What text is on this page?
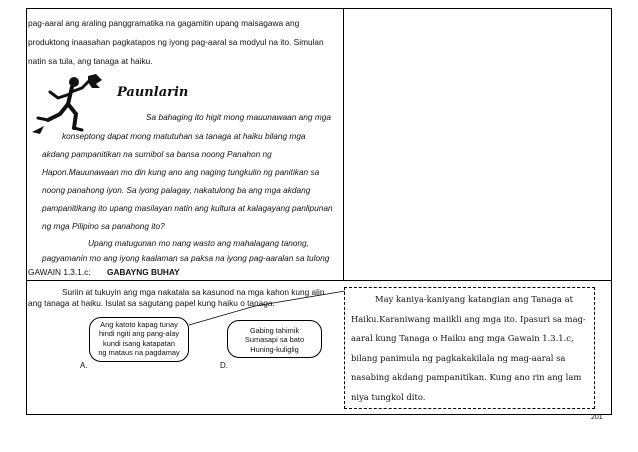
pag-aaral ang araling panggramatika na gagamitin upang maisagawa ang
produktong inaasahan pagkatapos ng iyong pag-aaral sa modyul na ito. Simulan
natin sa tula, ang tanaga at haiku.
Paunlarin
Sa bahaging ito higit mong mauunawaan ang mga
konseptong dapat mong matutuhan sa tanaga at haiku bilang mga
akdang pampanitikan na sumibol sa bansa noong Panahon ng
Hapon.Mauunawaan mo din kung ano ang naging tungkulin ng panitikan sa
noong panahong iyon. Sa iyong palagay, nakatulong ba ang mga akdang
pampanitikang ito upang masilayan natin ang kultura at kalagayang panlipunan
ng mga Pilipino sa panahong ito?
Upang matugunan mo nang wasto ang mahalagang tanong,
pagyamanin mo ang iyong kaalaman sa paksa na iyong pag-aaralan sa tulong
GAWAIN 1.3.1.c: GABAYNG BUHAY
Suriin at tukuyin ang mga nakatala sa kasunod na mga kahon kung alin
ang tanaga at haiku. Isulat sa sagutang papel kung haiku o tanaga.
Ang katoto kapag tunay
hindi ngiti ang pang-alay
kundi isang katapatan
ng mataus na pagdamay
Gabing tahimik
Sumasapi sa bato
Huning-kuliglig
A.	D.
May kaniya-kaniyang katangian ang Tanaga at
Haiku.Karaniwang maiikli ang mga ito. Ipasuri sa mag-
aaral kung Tanaga o Haiku ang mga Gawain 1.3.1.c,
bilang panimula ng pagkakakilala ng mag-aaral sa
nasabing akdang pampanitikan. Kung ano rin ang lam
niya tungkol dito.
201
